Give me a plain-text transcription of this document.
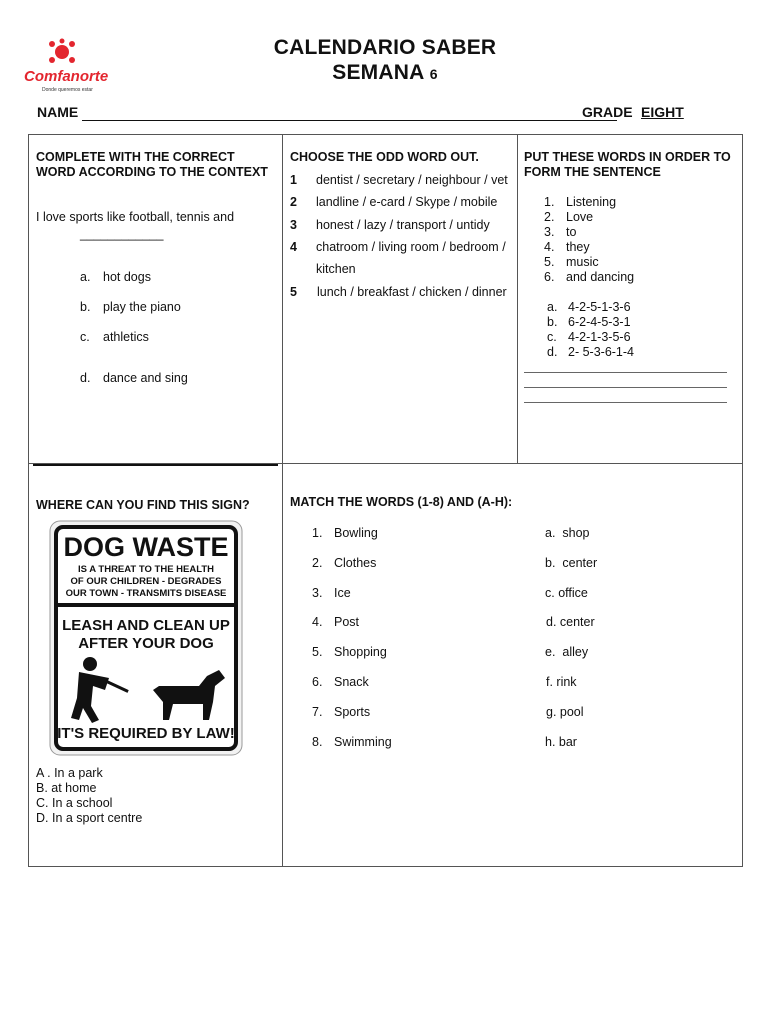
Comfanorte
Donde queremos estar
CALENDARIO SABER
SEMANA 6
NAME	GRADE EIGHT
COMPLETE WITH THE CORRECT WORD ACCORDING TO THE CONTEXT
I love sports like football, tennis and
____________
a. hot dogs
b. play the piano
c. athletics
d. dance and sing
CHOOSE THE ODD WORD OUT.
1 dentist / secretary / neighbour / vet
2 landline / e-card / Skype / mobile
3 honest / lazy / transport / untidy
4 chatroom / living room / bedroom /
kitchen
5 lunch / breakfast / chicken / dinner
PUT THESE WORDS IN ORDER TO FORM THE SENTENCE
1. Listening
2. Love
3. to
4. they
5. music
6. and dancing
a. 4-2-5-1-3-6
b. 6-2-4-5-3-1
c. 4-2-1-3-5-6
d. 2- 5-3-6-1-4
WHERE CAN YOU FIND THIS SIGN?
DOG WASTE
IS A THREAT TO THE HEALTH
OF OUR CHILDREN - DEGRADES
OUR TOWN - TRANSMITS DISEASE
LEASH AND CLEAN UP
AFTER YOUR DOG
IT'S REQUIRED BY LAW!
A . In a park
B. at home
C. In a school
D. In a sport centre
MATCH THE WORDS (1-8) AND (A-H):
1. Bowling
2. Clothes
3. Ice
4. Post
5. Shopping
6. Snack
7. Sports
8. Swimming
a.  shop
b.  center
c. office
d. center
e.  alley
f. rink
g. pool
h. bar
